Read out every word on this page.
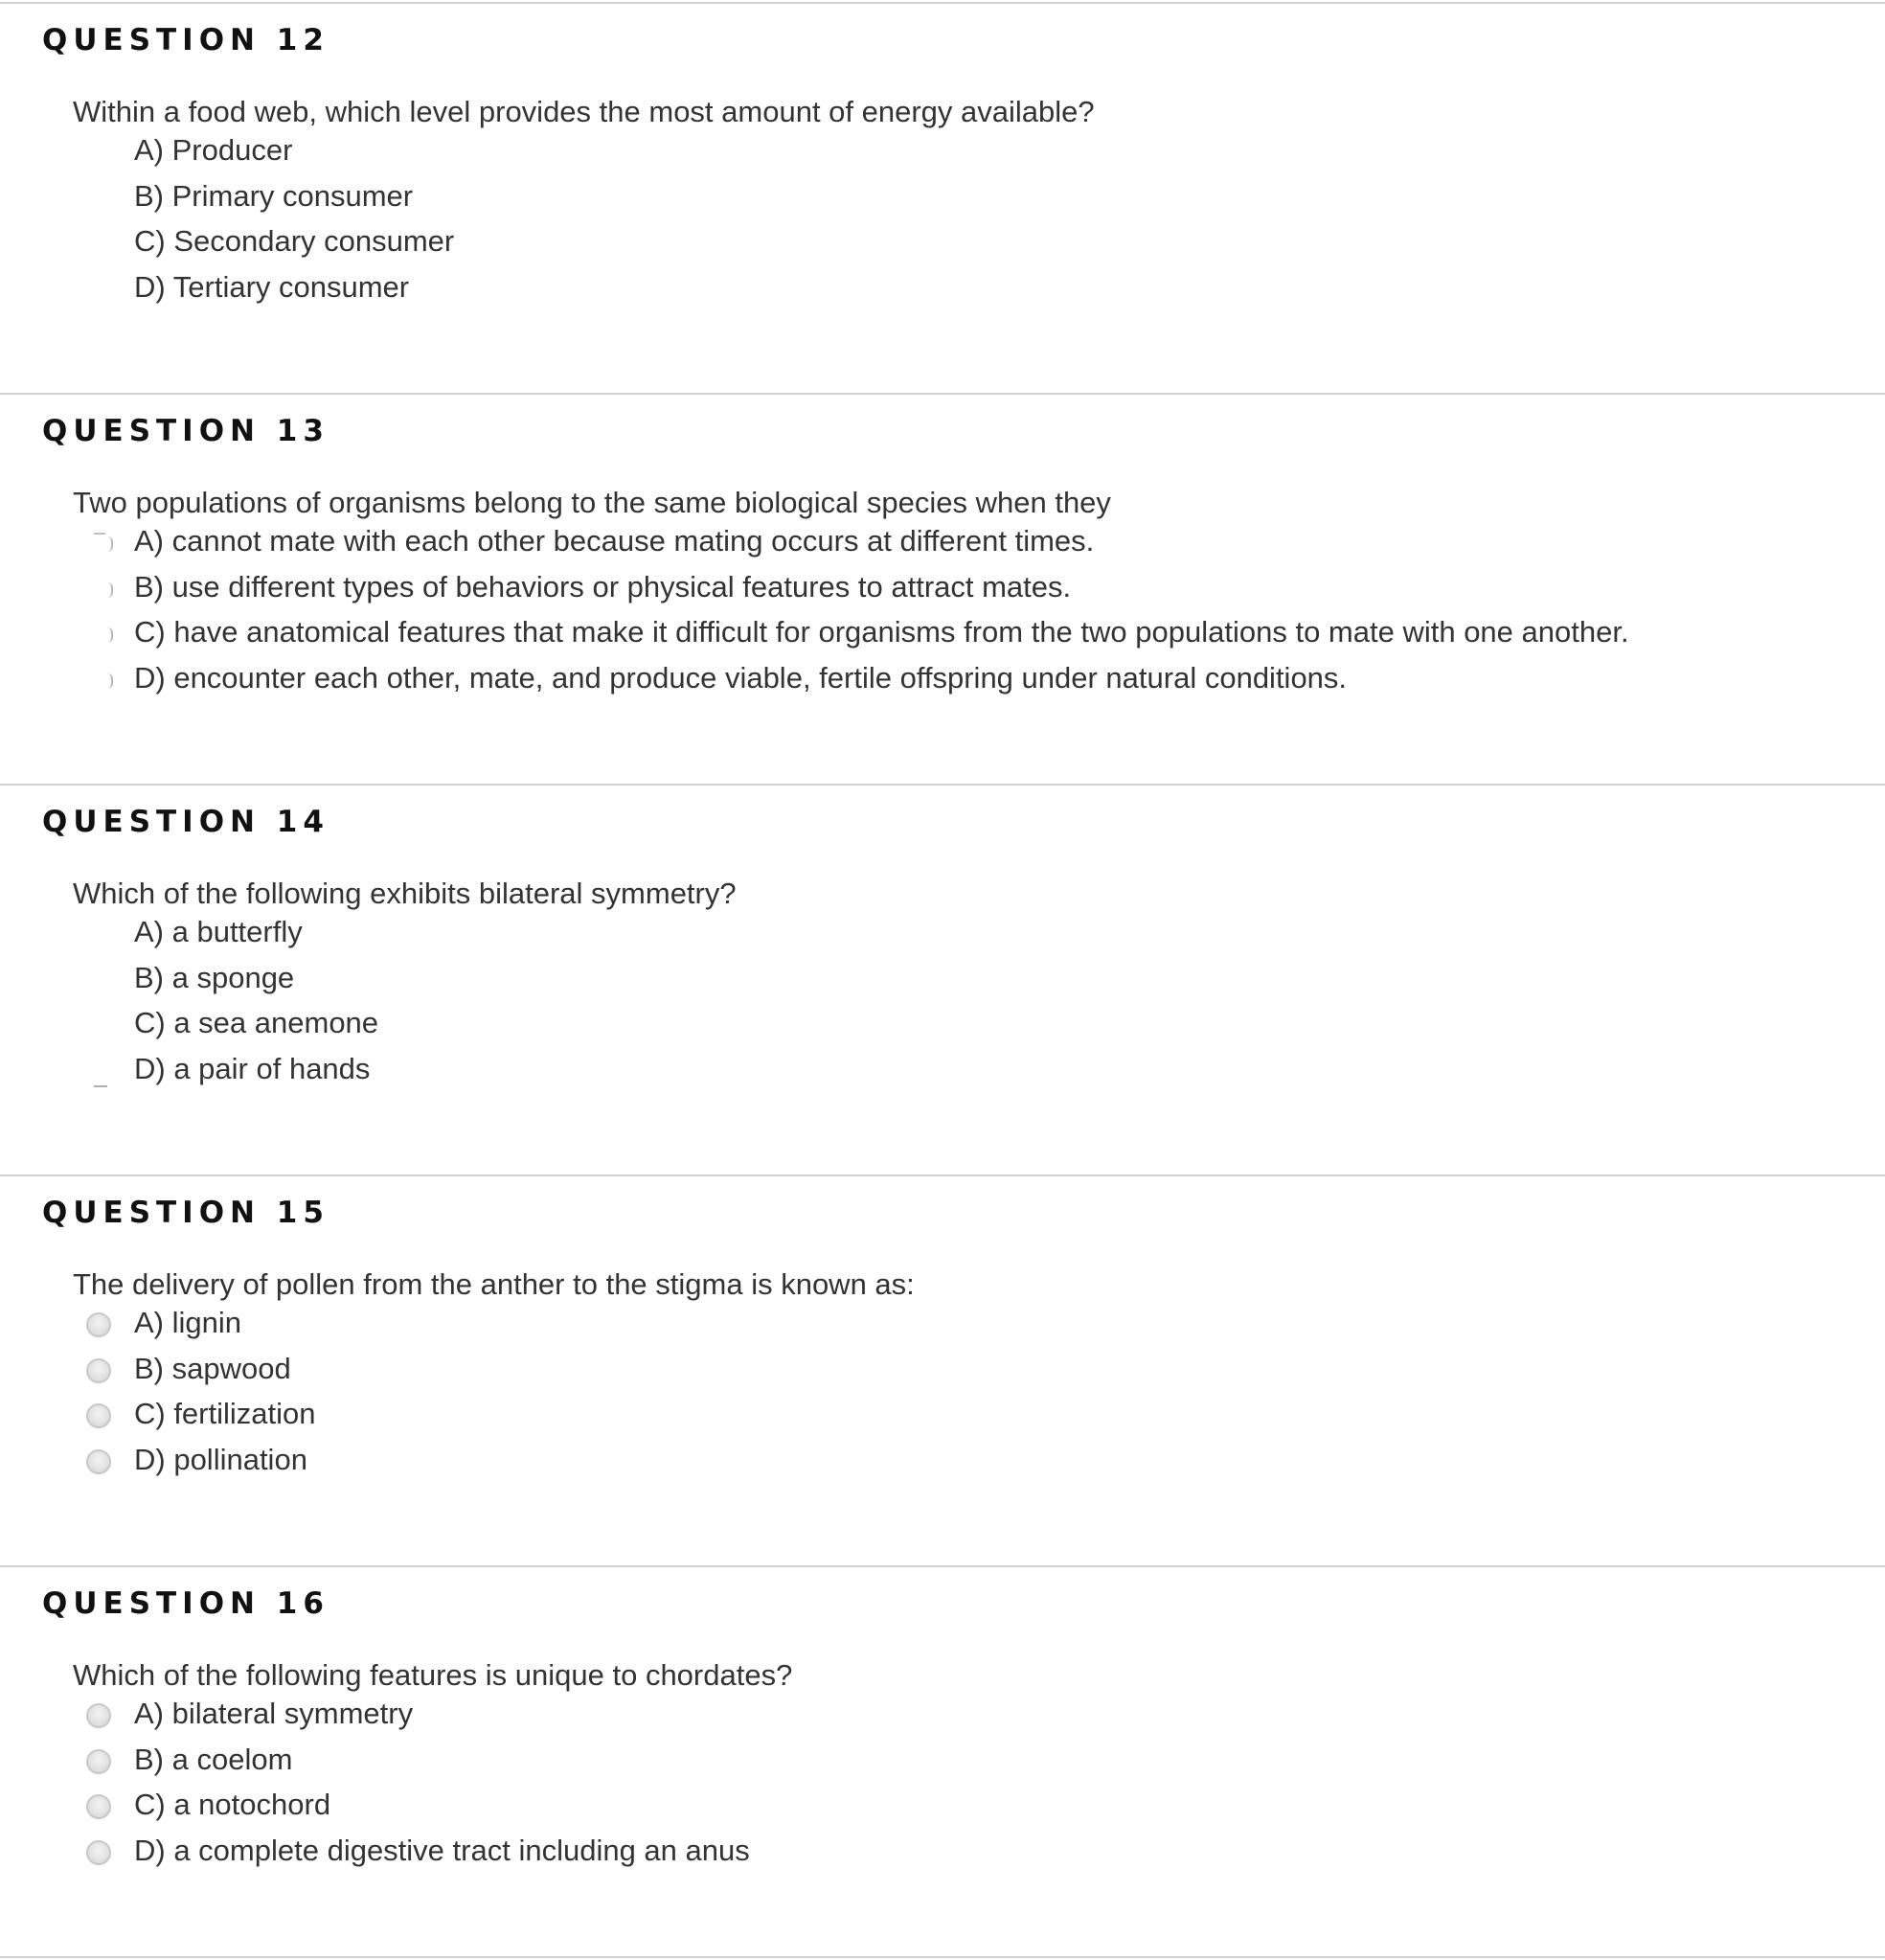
QUESTION 12

Within a food web, which level provides the most amount of energy available?

A) Producer
B) Primary consumer
C) Secondary consumer
D) Tertiary consumer
QUESTION 13

Two populations of organisms belong to the same biological species when they

A) cannot mate with each other because mating occurs at different times.
B) use different types of behaviors or physical features to attract mates.
C) have anatomical features that make it difficult for organisms from the two populations to mate with one another.
D) encounter each other, mate, and produce viable, fertile offspring under natural conditions.
QUESTION 14

Which of the following exhibits bilateral symmetry?

A) a butterfly
B) a sponge
C) a sea anemone
D) a pair of hands
QUESTION 15

The delivery of pollen from the anther to the stigma is known as:

A) lignin
B) sapwood
C) fertilization
D) pollination
QUESTION 16

Which of the following features is unique to chordates?

A) bilateral symmetry
B) a coelom
C) a notochord
D) a complete digestive tract including an anus
